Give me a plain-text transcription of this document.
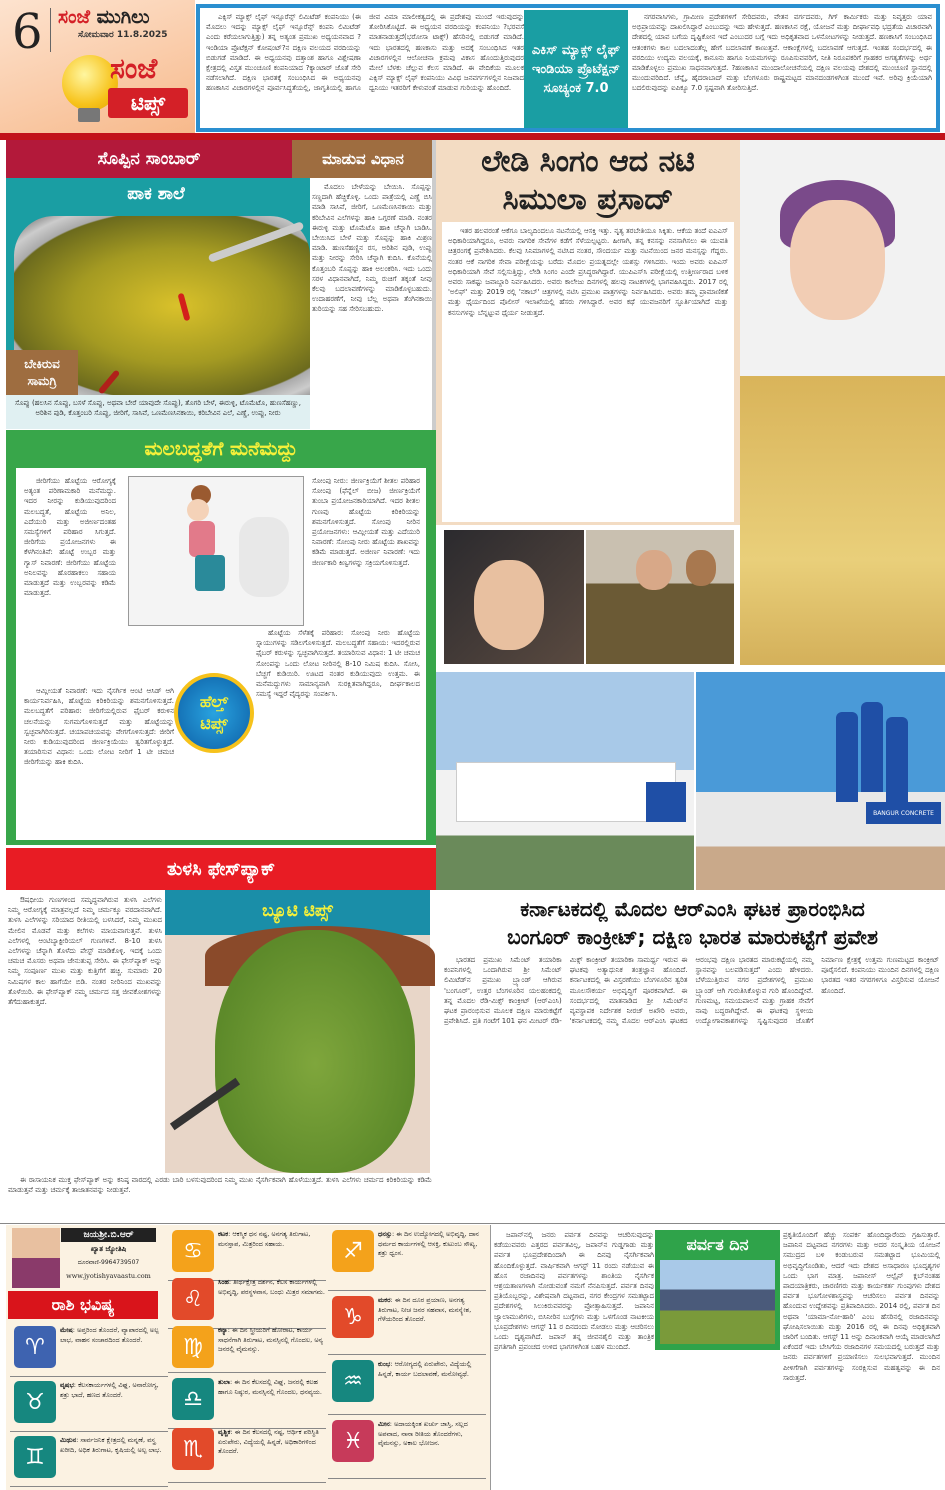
6 ಸಂಜೆ ಮುಗಿಲು
ಸೋಮವಾರ 11.8.2025
ಸಂಜೆ
ಟಿಪ್ಸ್
ಎಕ್ಸಿಸ್ ಮ್ಯಾಕ್ಸ್ ಲೈಫ್ ಇನ್ಸೂರೆನ್ಸ್ ಲಿಮಿಟೆಡ್ ಕಂಪನಿಯು (ಈ ಮೊದಲು ಇದನ್ನು ಮ್ಯಾಕ್ಸ್ ಲೈಫ್ ಇನ್ಸೂರೆನ್ಸ್ ಕಂಪನಿ ಲಿಮಿಟೆಡ್ ಎಂದು ಕರೆಯಲಾಗುತ್ತಿತ್ತು) ತನ್ನ ಅತ್ಯಂತ ಪ್ರಮುಖ ಅಧ್ಯಯನವಾದ ?ಇಂಡಿಯಾ ಪ್ರೊಟೆಕ್ಷನ್ ಕೋಷಂಟ್?ನ ದಕ್ಷಿಣ ವಲಯದ ವರದಿಯನ್ನು ಬಿಡುಗಡೆ ಮಾಡಿದೆ. ಈ ಅಧ್ಯಯನವು ದತ್ತಾಂಶ ಹಾಗೂ ವಿಶ್ಲೇಷಣಾ ಕ್ಷೇತ್ರದಲ್ಲಿ ವಿಸ್ತೃತ ಮುಂಚೂಣಿ ಕಂಪನಿಯಾದ ?ಕ್ಯಾಂಟಾರ್ ಜೊತೆ ಸೇರಿ ನಡೆಸಲಾಗಿದೆ. ದಕ್ಷಿಣ ಭಾರತಕ್ಕೆ ಸಂಬಂಧಿಸಿದ ಈ ಅಧ್ಯಯನವು ಹಣಕಾಸಿನ ವಿಚಾರಗಳಲ್ಲಿನ ಪೂರ್ವಸಿದ್ಧತೆಯಲ್ಲಿ, ಜಾಗೃತಿಯಲ್ಲಿ ಹಾಗೂ ಜೀವ ವಿಮಾ ಮಾಲೀಕತ್ವದಲ್ಲಿ ಈ ಪ್ರದೇಶವು ಮುಂದೆ ಇರುವುದನ್ನು ತೋರಿಸಿಕೊಟ್ಟಿದೆ. ಈ ಅಧ್ಯಯನ ವರದಿಯನ್ನು ಕಂಪನಿಯು ?ಭರವಸೆ ಮಾತನಾಡುತ್ತದೆ(ಭರೋಸಾ ಟಾಕ್ಸ್) ಹೆಸರಿನಲ್ಲಿ ಬಿಡುಗಡೆ ಮಾಡಿದೆ. ಇದು ಭಾರತದಲ್ಲಿ ಹಣಕಾಸು ಮತ್ತು ಅದಕ್ಕೆ ಸಂಬಂಧಿಸಿದ ಇತರ ವಿಚಾರಗಳಲ್ಲಿನ ಆಲೋಚನಾ ಕ್ರಮವು ವಿಕಾಸ ಹೊಂದುತ್ತಿರುವುದರ ಮೇಲೆ ಬೆಳಕು ಚೆಲ್ಲುವ ಕೆಲಸ ಮಾಡಿದೆ. ಈ ವೇದಿಕೆಯ ಮೂಲಕ ಎಕ್ಸಿಸ್ ಮ್ಯಾಕ್ಸ್ ಲೈಫ್ ಕಂಪನಿಯು ವಿವಿಧ ಜನವರ್ಗಗಳಲ್ಲಿನ ನಿಜವಾದ ಧ್ವನಿಯು ಇತರರಿಗೆ ಕೇಳುವಂತೆ ಮಾಡುವ ಗುರಿಯನ್ನು ಹೊಂದಿದೆ.
ಎಕಿಸ್ ಮ್ಯಾಕ್ಸ್ ಲೈಫ್ ಇಂಡಿಯಾ ಪ್ರೊಟೆಕ್ಷನ್ ಸೂಚ್ಯಂಕ 7.0
ನಗರವಾಸಿಗಳು, ಗ್ರಾಮೀಣ ಪ್ರದೇಶಗಳಿಗೆ ಸೇರಿದವರು, ವೇತನ ವರ್ಗದವರು, ಗಿಗ್ ಕಾರ್ಮಿಕರು ಮತ್ತು ನಿವೃತ್ತರು ಯಾವ ಅಭಿಪ್ರಾಯವನ್ನು ದಾಖಲಿಸಿದ್ದಾರೆ ಎಂಬುದನ್ನು ಇದು ಹೇಳುತ್ತದೆ. ಹಣಕಾಸಿನ ರಕ್ಷೆ, ಯೋಜನೆ ಮತ್ತು ದೀರ್ಘಾವಧಿ ಭದ್ರತೆಯ ವಿಚಾರವಾಗಿ ದೇಶದಲ್ಲಿ ಯಾವ ಬಗೆಯ ದೃಷ್ಟಿಕೋನ ಇದೆ ಎಂಬುದರ ಬಗ್ಗೆ ಇದು ಅಧಿಕೃತವಾದ ಒಳನೋಟಗಳನ್ನು ನೀಡುತ್ತದೆ. ಹಣಕಾಸಿಗೆ ಸಂಬಂಧಿಸಿದ ಆತಂಕಗಳು ಕಾಲ ಬದಲಾದಂತೆಲ್ಲ ಹೇಗೆ ಬದಲಾವಣೆ ಕಾಣುತ್ತವೆ. ಆಕಾಂಕ್ಷೆಗಳಲ್ಲಿ ಬದಲಾವಣೆ ಆಗುತ್ತದೆ. ಇಂತಹ ಸಂದರ್ಭದಲ್ಲಿ ಈ ವರದಿಯು ಉದ್ಯಮ ವಲಯಕ್ಕೆ, ಕಾನೂನು ಹಾಗೂ ನಿಯಮಗಳನ್ನು ರೂಪಿಸುವವರಿಗೆ, ನೀತಿ ನಿರೂಪಕರಿಗೆ ಗ್ರಾಹಕರ ಅಗತ್ಯತೆಗಳನ್ನು ಅರ್ಥ ಮಾಡಿಕೊಳ್ಳಲು ಪ್ರಮುಖ ಸಾಧನವಾಗುತ್ತದೆ. ?ಹಣಕಾಸಿನ ಮುಂದಾಲೋಚನೆಯಲ್ಲಿ ದಕ್ಷಿಣ ವಲಯವು ದೇಶದಲ್ಲಿ ಮುಂಚೂಣಿ ಸ್ಥಾನದಲ್ಲಿ ಮುಂದುವರಿದಿದೆ. ಚೆನ್ನೈ, ಹೈದರಾಬಾದ್ ಮತ್ತು ಬೆಂಗಳೂರು ರಾಷ್ಟ್ರಮಟ್ಟದ ಮಾನದಂಡಗಳಿಗಿಂತ ಮುಂದೆ ಇವೆ. ಅರಿವು ಕ್ರಿಯೆಯಾಗಿ ಬದಲಿರುವುದನ್ನು ಐಪಿಕ್ಯೂ 7.0 ಸ್ಪಷ್ಟವಾಗಿ ತೋರಿಸುತ್ತಿದೆ.
ಸೊಪ್ಪಿನ ಸಾಂಬಾರ್	ಮಾಡುವ ವಿಧಾನ
ಪಾಕ ಶಾಲೆ
ಬೇಕಿರುವ
ಸಾಮಗ್ರಿ
ಸೊಪ್ಪು (ಹಲಸಿನ ಸೊಪ್ಪು, ಬಸಳೆ ಸೊಪ್ಪು, ಅಥವಾ ಬೇರೆ ಯಾವುದೇ ಸೊಪ್ಪು), ತೊಗರಿ ಬೇಳೆ, ಈರುಳ್ಳಿ, ಟೊಮೆಟೊ, ಹುಣಸೆಹಣ್ಣು, ಅರಿಶಿನ ಪುಡಿ, ಕೊತ್ತಂಬರಿ ಸೊಪ್ಪು, ಜೀರಿಗೆ, ಸಾಸಿವೆ, ಒಣಮೆಣಸಿನಕಾಯಿ, ಕರಿಬೇವಿನ ಎಲೆ, ಎಣ್ಣೆ, ಉಪ್ಪು, ನೀರು
ಮೊದಲು ಬೇಳೆಯನ್ನು ಬೇಯಿಸಿ. ಸೊಪ್ಪನ್ನು ಸಣ್ಣದಾಗಿ ಹೆಚ್ಚಿಕೊಳ್ಳಿ. ಒಂದು ಪಾತ್ರೆಯಲ್ಲಿ ಎಣ್ಣೆ ಬಿಸಿ ಮಾಡಿ ಸಾಸಿವೆ, ಜೀರಿಗೆ, ಒಣಮೆಣಸಿನಕಾಯಿ ಮತ್ತು ಕರಿಬೇವಿನ ಎಲೆಗಳನ್ನು ಹಾಕಿ ಒಗ್ಗರಣೆ ಮಾಡಿ. ನಂತರ ಈರುಳ್ಳಿ ಮತ್ತು ಟೊಮೆಟೊ ಹಾಕಿ ಚೆನ್ನಾಗಿ ಬಾಡಿಸಿ. ಬೇಯಿಸಿದ ಬೇಳೆ ಮತ್ತು ಸೊಪ್ಪನ್ನು ಹಾಕಿ ಮಿಶ್ರಣ ಮಾಡಿ. ಹುಣಸೆಹಣ್ಣಿನ ರಸ, ಅರಿಶಿನ ಪುಡಿ, ಉಪ್ಪು ಮತ್ತು ನೀರನ್ನು ಸೇರಿಸಿ ಚೆನ್ನಾಗಿ ಕುದಿಸಿ. ಕೊನೆಯಲ್ಲಿ ಕೊತ್ತಂಬರಿ ಸೊಪ್ಪನ್ನು ಹಾಕಿ ಅಲಂಕರಿಸಿ. ಇದು ಒಂದು ಸರಳ ವಿಧಾನವಾಗಿದೆ, ನಿಮ್ಮ ರುಚಿಗೆ ತಕ್ಕಂತೆ ನೀವು ಕೆಲವು ಬದಲಾವಣೆಗಳನ್ನು ಮಾಡಿಕೊಳ್ಳಬಹುದು. ಉದಾಹರಣೆಗೆ, ನೀವು ಬೆಲ್ಲ ಅಥವಾ ತೆಂಗಿನಕಾಯಿ ತುರಿಯನ್ನು ಸಹ ಸೇರಿಸಬಹುದು.
ಮಲಬದ್ಧತೆಗೆ ಮನೆಮದ್ದು
ಜೀರಿಗೆಯು ಹೊಟ್ಟೆಯ ಆರೋಗ್ಯಕ್ಕೆ ಅತ್ಯಂತ ಪರಿಣಾಮಕಾರಿ ಮನೆಮದ್ದು. ಇದರ ನೀರನ್ನು ಕುಡಿಯುವುದರಿಂದ ಮಲಬದ್ಧತೆ, ಹೊಟ್ಟೆಯ ಅನಿಲ, ಎದೆಯುರಿ ಮತ್ತು ಅಜೀರ್ಣದಂತಹ ಸಮಸ್ಯೆಗಳಿಗೆ ಪರಿಹಾರ ಸಿಗುತ್ತದೆ. ಜೀರಿಗೆಯ ಪ್ರಯೋಜನಗಳು ಈ ಕೆಳಗಿನಂತಿವೆ: ಹೊಟ್ಟೆ ಉಬ್ಬರ ಮತ್ತು ಗ್ಯಾಸ್ ನಿವಾರಣೆ: ಜೀರಿಗೆಯು ಹೊಟ್ಟೆಯ ಅನಿಲವನ್ನು ಹೊರಹಾಕಲು ಸಹಾಯ ಮಾಡುತ್ತದೆ ಮತ್ತು ಉಬ್ಬರವನ್ನು ಕಡಿಮೆ ಮಾಡುತ್ತದೆ.
ಸೋಂಪು ನೀರು: ಜೀರ್ಣಕ್ರಿಯೆಗೆ ಶೀತಲ ಪರಿಹಾರ ಸೋಂಪು (ಫೆನ್ನೆಲ್ ಬೀಜ) ಜೀರ್ಣಕ್ರಿಯೆಗೆ ತುಂಬಾ ಪ್ರಯೋಜನಕಾರಿಯಾಗಿದೆ. ಇದರ ಶೀತಲ ಗುಣವು ಹೊಟ್ಟೆಯ ಕಿರಿಕಿರಿಯನ್ನು ಶಮನಗೊಳಿಸುತ್ತದೆ. ಸೋಂಪು ನೀರಿನ ಪ್ರಯೋಜನಗಳು: ಆಮ್ಲೀಯತೆ ಮತ್ತು ಎದೆಯುರಿ ನಿವಾರಣೆ: ಸೋಂಪು ನೀರು ಹೊಟ್ಟೆಯ ಶಾಖವನ್ನು ಕಡಿಮೆ ಮಾಡುತ್ತದೆ. ಅಜೀರ್ಣ ನಿವಾರಣೆ: ಇದು ಜೀರ್ಣಕಾರಿ ಕಿಣ್ವಗಳನ್ನು ಸಕ್ರಿಯಗೊಳಿಸುತ್ತದೆ.
ಆಮ್ಲೀಯತೆ ನಿವಾರಣೆ: ಇದು ನೈಸರ್ಗಿಕ ಆಂಟಿ ಆಸಿಡ್ ಆಗಿ ಕಾರ್ಯನಿರ್ವಹಿಸಿ, ಹೊಟ್ಟೆಯ ಕಿರಿಕಿರಿಯನ್ನು ಶಮನಗೊಳಿಸುತ್ತದೆ. ಮಲಬದ್ಧತೆಗೆ ಪರಿಹಾರ: ಜೀರಿಗೆಯಲ್ಲಿರುವ ಫೈಬರ್ ಕರುಳಿನ ಚಲನೆಯನ್ನು ಸುಗಮಗೊಳಿಸುತ್ತದೆ ಮತ್ತು ಹೊಟ್ಟೆಯನ್ನು ಸ್ವಚ್ಛವಾಗಿರಿಸುತ್ತದೆ. ಚಯಾಪಚಯವನ್ನು ವೇಗಗೊಳಿಸುತ್ತದೆ: ಜೀರಿಗೆ ನೀರು ಕುಡಿಯುವುದರಿಂದ ಜೀರ್ಣಕ್ರಿಯೆಯು ತ್ವರಿತಗೊಳ್ಳುತ್ತದೆ. ತಯಾರಿಸುವ ವಿಧಾನ: ಒಂದು ಲೋಟ ನೀರಿಗೆ 1 ಟೀ ಚಮಚ ಜೀರಿಗೆಯನ್ನು ಹಾಕಿ ಕುದಿಸಿ.
ಹೊಟ್ಟೆಯ ಸೆಳೆತಕ್ಕೆ ಪರಿಹಾರ: ಸೋಂಪು ನೀರು ಹೊಟ್ಟೆಯ ಸ್ನಾಯುಗಳನ್ನು ಸಡಿಲಗೊಳಿಸುತ್ತದೆ. ಮಲಬದ್ಧತೆಗೆ ಸಹಾಯ: ಇದರಲ್ಲಿರುವ ಫೈಬರ್ ಕರುಳನ್ನು ಸ್ವಚ್ಛವಾಗಿಸುತ್ತದೆ. ತಯಾರಿಸುವ ವಿಧಾನ: 1 ಟೀ ಚಮಚ ಸೋಂಪನ್ನು ಒಂದು ಲೋಟ ನೀರಿನಲ್ಲಿ 8-10 ನಿಮಿಷ ಕುದಿಸಿ. ಸೋಸಿ, ಬೆಚ್ಚಗೆ ಕುಡಿಯಿರಿ. ಊಟದ ನಂತರ ಕುಡಿಯುವುದು ಉತ್ತಮ. ಈ ಮನೆಮದ್ದುಗಳು ಸಾಮಾನ್ಯವಾಗಿ ಸುರಕ್ಷಿತವಾಗಿದ್ದರೂ, ದೀರ್ಘಕಾಲದ ಸಮಸ್ಯೆ ಇದ್ದರೆ ವೈದ್ಯರನ್ನು ಸಂಪರ್ಕಿಸಿ.
ಹೆಲ್ತ್
ಟಿಪ್ಸ್
ತುಳಸಿ ಫೇಸ್‌ಪ್ಯಾಕ್
ಔಷಧೀಯ ಗುಣಗಳಿಂದ ಸಮೃದ್ಧವಾಗಿರುವ ತುಳಸಿ ಎಲೆಗಳು ನಿಮ್ಮ ಆರೋಗ್ಯಕ್ಕೆ ಮಾತ್ರವಲ್ಲದೆ ನಿಮ್ಮ ಚರ್ಮಕ್ಕೂ ವರದಾನವಾಗಿದೆ. ತುಳಸಿ ಎಲೆಗಳನ್ನು ಸರಿಯಾದ ರೀತಿಯಲ್ಲಿ ಬಳಸಿದರೆ, ನಿಮ್ಮ ಮುಖದ ಮೇಲಿನ ಮೊಡವೆ ಮತ್ತು ಕಲೆಗಳು ಮಾಯವಾಗುತ್ತವೆ. ತುಳಸಿ ಎಲೆಗಳಲ್ಲಿ ಆಂಟಿಬ್ಯಾಕ್ಟೀರಿಯಲ್ ಗುಣಗಳಿವೆ. 8-10 ತುಳಸಿ ಎಲೆಗಳನ್ನು ಚೆನ್ನಾಗಿ ತೊಳೆದು ಪೇಸ್ಟ್ ಮಾಡಿಕೊಳ್ಳಿ. ಇದಕ್ಕೆ ಒಂದು ಚಮಚ ಮೊಸರು ಅಥವಾ ಜೇನುತುಪ್ಪ ಸೇರಿಸಿ. ಈ ಫೇಸ್‌ಪ್ಯಾಕ್ ಅನ್ನು ನಿಮ್ಮ ಸಂಪೂರ್ಣ ಮುಖ ಮತ್ತು ಕುತ್ತಿಗೆಗೆ ಹಚ್ಚಿ. ಸುಮಾರು 20 ನಿಮಿಷಗಳ ಕಾಲ ಹಾಗೆಯೇ ಬಿಡಿ. ನಂತರ ನೀರಿನಿಂದ ಮುಖವನ್ನು ತೊಳೆಯಿರಿ. ಈ ಫೇಸ್‌ಪ್ಯಾಕ್ ನಮ್ಮ ಚರ್ಮದ ಸತ್ತ ಜೀವಕೋಶಗಳನ್ನು ತೆಗೆದುಹಾಕುತ್ತದೆ.
ಬ್ಯೂಟಿ ಟಿಪ್ಸ್
ಈ ರಾಸಾಯನಿಕ ಮುಕ್ತ ಫೇಸ್‌ಪ್ಯಾಕ್ ಅನ್ನು ಕನಿಷ್ಠ ವಾರದಲ್ಲಿ ಎರಡು ಬಾರಿ ಬಳಸುವುದರಿಂದ ನಿಮ್ಮ ಮುಖ ನೈಸರ್ಗಿಕವಾಗಿ ಹೊಳೆಯುತ್ತದೆ. ತುಳಸಿ ಎಲೆಗಳು ಚರ್ಮದ ಕಿರಿಕಿರಿಯನ್ನು ಕಡಿಮೆ ಮಾಡುತ್ತವೆ ಮತ್ತು ಚರ್ಮಕ್ಕೆ ತಾಜಾತನವನ್ನು ನೀಡುತ್ತವೆ.
ಲೇಡಿ ಸಿಂಗಂ ಆದ ನಟಿ
ಸಿಮುಲಾ ಪ್ರಸಾದ್
ಇತರ ಹಲವರಂತೆ ಆಕೆಗೂ ಬಾಲ್ಯದಿಂದಲೂ ನಟನೆಯಲ್ಲಿ ಆಸಕ್ತಿ ಇತ್ತು. ನೃತ್ಯ ತರಬೇತಿಯೂ ಸಿಕ್ಕಿತು. ಆಕೆಯ ತಂದೆ ಐಎಎಸ್ ಅಧಿಕಾರಿಯಾಗಿದ್ದರೂ, ಅವರು ನಾಗರಿಕ ಸೇವೆಗಳ ಕಡೆಗೆ ಸೆಳೆಯಲ್ಪಟ್ಟರು. ಹೀಗಾಗಿ, ತನ್ನ ಕನಸನ್ನು ನನಸಾಗಿಸಲು ಈ ಯುವತಿ ಚಿತ್ರರಂಗಕ್ಕೆ ಪ್ರವೇಶಿಸಿದರು. ಕೆಲವು ಸಿನಿಮಾಗಳಲ್ಲಿ ನಟಿಸಿದ ನಂತರ, ಸೌಂದರ್ಯ ಮತ್ತು ನಟನೆಯಿಂದ ಜನರ ಮನಸ್ಸನ್ನು ಗೆದ್ದರು. ನಂತರ ಆಕೆ ನಾಗರಿಕ ಸೇವಾ ಪರೀಕ್ಷೆಯನ್ನು ಬರೆದು ಮೊದಲ ಪ್ರಯತ್ನದಲ್ಲೇ ಯಶಸ್ಸು ಗಳಿಸಿದರು. ಇಂದು ಅವರು ಐಪಿಎಸ್ ಅಧಿಕಾರಿಯಾಗಿ ಸೇವೆ ಸಲ್ಲಿಸುತ್ತಿದ್ದು, ಲೇಡಿ ಸಿಂಗಂ ಎಂದೇ ಪ್ರಸಿದ್ಧರಾಗಿದ್ದಾರೆ. ಯುಪಿಎಸ್‌ಸಿ ಪರೀಕ್ಷೆಯಲ್ಲಿ ಉತ್ತೀರ್ಣರಾದ ಬಳಿಕ ಅವರು ಸಾಕಷ್ಟು ಜವಾಬ್ದಾರಿ ನಿರ್ವಹಿಸಿದರು. ಅವರು ಕಾಲೇಜು ದಿನಗಳಲ್ಲಿ ಹಲವು ನಾಟಕಗಳಲ್ಲಿ ಭಾಗವಹಿಸಿದ್ದರು. 2017 ರಲ್ಲಿ 'ಅಲಿಫ್' ಮತ್ತು 2019 ರಲ್ಲಿ 'ನಕಾಬ್' ಚಿತ್ರಗಳಲ್ಲಿ ನಟಿಸಿ ಪ್ರಮುಖ ಪಾತ್ರಗಳನ್ನು ನಿರ್ವಹಿಸಿದರು. ಅವರು ತಮ್ಮ ಪ್ರಾಮಾಣಿಕತೆ ಮತ್ತು ಧೈರ್ಯದಿಂದ ಪೊಲೀಸ್ ಇಲಾಖೆಯಲ್ಲಿ ಹೆಸರು ಗಳಿಸಿದ್ದಾರೆ. ಅವರ ಕಥೆ ಯುವಜನರಿಗೆ ಸ್ಫೂರ್ತಿಯಾಗಿದೆ ಮತ್ತು ಕನಸುಗಳನ್ನು ಬೆನ್ನಟ್ಟುವ ಧೈರ್ಯ ನೀಡುತ್ತದೆ.
BANGUR CONCRETE
ಕರ್ನಾಟಕದಲ್ಲಿ ಮೊದಲ ಆರ್‌ಎಂಸಿ ಘಟಕ ಪ್ರಾರಂಭಿಸಿದ
ಬಂಗೂರ್ ಕಾಂಕ್ರೀಟ್; ದಕ್ಷಿಣ ಭಾರತ ಮಾರುಕಟ್ಟೆಗೆ ಪ್ರವೇಶ
ಭಾರತದ ಪ್ರಮುಖ ಸಿಮೆಂಟ್ ತಯಾರಿಕಾ ಕಂಪನಿಗಳಲ್ಲಿ ಒಂದಾಗಿರುವ ಶ್ರೀ ಸಿಮೆಂಟ್ ಲಿಮಿಟೆಡ್‌ನ ಪ್ರಮುಖ ಬ್ರ್ಯಾಂಡ್ ಆಗಿರುವ 'ಬಂಗೂರ್', ಉತ್ತರ ಬೆಂಗಳೂರಿನ ಯಲಹಂಕದಲ್ಲಿ ತನ್ನ ಮೊದಲ ರೆಡಿ-ಮಿಕ್ಸ್ ಕಾಂಕ್ರೀಟ್ (ಆರ್‌ಎಂಸಿ) ಘಟಕ ಪ್ರಾರಂಭಿಸುವ ಮೂಲಕ ದಕ್ಷಿಣ ಮಾರುಕಟ್ಟೆಗೆ ಪ್ರವೇಶಿಸಿದೆ. ಪ್ರತಿ ಗಂಟೆಗೆ 101 ಘನ ಮೀಟರ್ ರೆಡಿ-ಮಿಕ್ಸ್ ಕಾಂಕ್ರೀಟ್ ತಯಾರಿಕಾ ಸಾಮರ್ಥ್ಯ ಇರುವ ಈ ಘಟಕವು ಅತ್ಯಾಧುನಿಕ ತಂತ್ರಜ್ಞಾನ ಹೊಂದಿದೆ. ಕರ್ನಾಟಕದಲ್ಲಿ ಈ ವಿಸ್ತರಣೆಯು ಬೆಂಗಳೂರಿನ ತ್ವರಿತ ಮೂಲಸೌಕರ್ಯ ಅಭಿವೃದ್ಧಿಗೆ ಪೂರಕವಾಗಿದೆ. ಈ ಸಂದರ್ಭದಲ್ಲಿ ಮಾತನಾಡಿದ ಶ್ರೀ ಸಿಮೆಂಟ್‌ನ ವ್ಯವಸ್ಥಾಪಕ ನಿರ್ದೇಶಕ ನೀರಜ್ ಅಖೌರಿ ಅವರು, 'ಕರ್ನಾಟಕದಲ್ಲಿ ನಮ್ಮ ಮೊದಲ ಆರ್‌ಎಂಸಿ ಘಟಕದ ಆರಂಭವು ದಕ್ಷಿಣ ಭಾರತದ ಮಾರುಕಟ್ಟೆಯಲ್ಲಿ ನಮ್ಮ ಸ್ಥಾನವನ್ನು ಬಲಪಡಿಸುತ್ತದೆ' ಎಂದು ಹೇಳಿದರು. ಬೆಳೆಯುತ್ತಿರುವ ನಗರ ಪ್ರದೇಶಗಳಲ್ಲಿ ಪ್ರಮುಖ ಬ್ರ್ಯಾಂಡ್ ಆಗಿ ಗುರುತಿಸಿಕೊಳ್ಳುವ ಗುರಿ ಹೊಂದಿದ್ದೇವೆ. ಗುಣಮಟ್ಟ, ಸಮಯಪಾಲನೆ ಮತ್ತು ಗ್ರಾಹಕ ಸೇವೆಗೆ ನಾವು ಬದ್ಧರಾಗಿದ್ದೇವೆ. ಈ ಘಟಕವು ಸ್ಥಳೀಯ ಉದ್ಯೋಗಾವಕಾಶಗಳನ್ನು ಸೃಷ್ಟಿಸುವುದರ ಜೊತೆಗೆ ನಿರ್ಮಾಣ ಕ್ಷೇತ್ರಕ್ಕೆ ಉತ್ತಮ ಗುಣಮಟ್ಟದ ಕಾಂಕ್ರೀಟ್ ಪೂರೈಸಲಿದೆ. ಕಂಪನಿಯು ಮುಂದಿನ ದಿನಗಳಲ್ಲಿ ದಕ್ಷಿಣ ಭಾರತದ ಇತರ ನಗರಗಳಿಗೂ ವಿಸ್ತರಿಸುವ ಯೋಜನೆ ಹೊಂದಿದೆ.
ಜಯಶ್ರೀ.ಬಿ.ಆರ್
ಖ್ಯಾತ ಜ್ಯೋತಿಷಿ
ದೂರವಾಣಿ-9964739507
www.jyotishyavaastu.com
ರಾಶಿ ಭವಿಷ್ಯ
♈
ಮೇಷ: ಅಪ್ತರಿಂದ ತೊಂದರೆ, ವ್ಯಾಪಾರದಲ್ಲಿ ಅಲ್ಪ ಲಾಭ, ವಾಹನ ಸಂಚಾರದಿಂದ ತೊಂದರೆ.
♉
ವೃಷಭ: ಕೆಲಸಕಾರ್ಯಗಳಲ್ಲಿ ವಿಘ್ನ, ಅನಾರೋಗ್ಯ, ಶತ್ರು ಭಾದೆ, ಹಣದ ತೊಂದರೆ.
♊
ಮಿಥುನ: ಸಾರ್ವಜನಿಕ ಕ್ಷೇತ್ರದಲ್ಲಿ ಮನ್ನಣೆ, ವಸ್ತ್ರ ಖರೀದಿ, ಅಧಿಕ ತಿರುಗಾಟ, ಕೃಷಿಯಲ್ಲಿ ಅಲ್ಪ ಲಾಭ.
♋
ಕಟಕ: ಆಕಸ್ಮಿಕ ಧನ ನಷ್ಟ, ಅನಗತ್ಯ ತಿರುಗಾಟ, ಮನಸ್ತಾಪ, ಮಿತ್ರರಿಂದ ಸಹಾಯ.
♌
ಸಿಂಹ: ತೀರ್ಥಕ್ಷೇತ್ರ ದರ್ಶನ, ಕೆಲಸ ಕಾರ್ಯಗಳಲ್ಲಿ ಅಭಿವೃದ್ಧಿ, ಪರಸ್ಥಳವಾಸ, ಬಂಧು ಮಿತ್ರರ ಸಮಾಗಮ.
♍
ಕನ್ಯಾ: ಈ ದಿನ ಸ್ತ್ರೀಯರಿಗೆ ಹೋರಾಟ, ಕಾರ್ಯ ಸಾಧನೆಗಾಗಿ ತಿರುಗಾಟ, ಮನಸ್ಸಿನಲ್ಲಿ ಗೊಂದಲ, ಅನ್ಯ ಜನರಲ್ಲಿ ವೈಮನಸ್ಸು.
♎
ತುಲಾ: ಈ ದಿನ ಕೆಲಸದಲ್ಲಿ ವಿಘ್ನ, ಜನರಲ್ಲಿ ಕಲಹ ಹಾಗೂ ನಿಷ್ಠುರ, ಮನಸ್ಸಿನಲ್ಲಿ ಗೊಂದಲ, ಧನವ್ಯಯ.
♏
ವೃಶ್ಚಿಕ: ಈ ದಿನ ಕೆಲಸದಲ್ಲಿ ನಷ್ಟ, ಆರ್ಥಿಕ ಪರಿಸ್ಥಿತಿ ಏರುಪೇರು, ವಿದ್ಯೆಯಲ್ಲಿ ಹಿನ್ನಡೆ, ಅಧಿಕಾರಿಗಳಿಂದ ತೊಂದರೆ.
♐
ಧನಸ್ಸು: ಈ ದಿನ ಉದ್ಯೋಗದಲ್ಲಿ ಅಭಿವೃದ್ಧಿ, ದಾನ ಧರ್ಮದ ಕಾರ್ಯಗಳಲ್ಲಿ ಆಸಕ್ತಿ, ಕುಟುಂಬ ಸೌಖ್ಯ, ಶತ್ರು ಧ್ವಂಸ.
♑
ಮಕರ: ಈ ದಿನ ದೂರ ಪ್ರಯಾಣ, ಅನಗತ್ಯ ತಿರುಗಾಟ, ನೀಚ ಜನರ ಸಹವಾಸ, ಮನಸ್ಕ್ಲೇಶ, ಗೆಳೆಯರಿಂದ ತೊಂದರೆ.
♒
ಕುಂಭ: ಆರೋಗ್ಯದಲ್ಲಿ ಏರುಪೇರು, ವಿದ್ಯೆಯಲ್ಲಿ ಹಿನ್ನಡೆ, ಕಾರ್ಯ ಬದಲಾವಣೆ, ಮನೋವ್ಯಥೆ.
♓
ಮೀನ: ಅದಾಯಕ್ಕಿಂತ ಖರ್ಚು ಜಾಸ್ತಿ, ಸಲ್ಲದ ಅಪವಾದ, ನಾನಾ ರೀತಿಯ ತೊಂದರೆಗಳು, ವೈಮನಸ್ಸು, ಅಕಾಲ ಭೋಜನ.
ಜಪಾನ್‌ನಲ್ಲಿ ಜನರು ಪರ್ವತ ದಿನವನ್ನು ಆಚರಿಸುವುದನ್ನು ಕಡೆಯುವವರು ಎತ್ತರದ ಪರ್ವತವಿಲ್ಲ, ಜಪಾನ್‌ನ ಗುಡ್ಡಗಾಡು ಮತ್ತು ಪರ್ವತ ಭೂಪ್ರದೇಶದಿಂದಾಗಿ ಈ ದಿನವು ನೈಸರ್ಗಿಕವಾಗಿ ಹೊಂದಿಕೊಳ್ಳುತ್ತದೆ. ವಾರ್ಷಿಕವಾಗಿ ಆಗಸ್ಟ್ 11 ರಂದು ನಡೆಯುವ ಈ ಹೊಸ ರಜಾದಿನವು ಪರ್ವತಗಳನ್ನು ಶಾಂತಿಯ ನೈಸರ್ಗಿಕ ಆಶ್ರಯತಾಣಗಳಾಗಿ ನೋಡುವಂತೆ ನಮಗೆ ನೆನಪಿಸುತ್ತದೆ. ಪರ್ವತ ದಿನವು ಪ್ರತಿಯೊಬ್ಬರನ್ನು, ವಿಶೇಷವಾಗಿ ದಟ್ಟವಾದ, ನಗರ ಕೇಂದ್ರಗಳ ಸಮತಟ್ಟಾದ ಪ್ರದೇಶಗಳಲ್ಲಿ ಸಿಲುಕಿರುವವರನ್ನು ಪ್ರೋತ್ಸಾಹಿಸುತ್ತದೆ. ಜಪಾನಿನ ಜ್ವಾಲಾಮುಖಿಗಳು, ಬಿಸಿನೀರಿನ ಬುಗ್ಗೆಗಳು ಮತ್ತು ಒಳಗೊಂಡ ನಾಟಕೀಯ ಭೂಪ್ರದೇಶಗಳು ಆಗಸ್ಟ್ 11 ರ ದಿನದಂದು ನೋಡಲು ಮತ್ತು ಆಚರಿಸಲು ಒಂದು ದೃಶ್ಯವಾಗಿದೆ. ಜಪಾನ್ ತನ್ನ ಜೀವನಶೈಲಿ ಮತ್ತು ತಾಂತ್ರಿಕ ಪ್ರಗತಿಗಾಗಿ ಪ್ರಪಂಚದ ಉಳಿದ ಭಾಗಗಳಿಗಿಂತ ಬಹಳ ಮುಂದಿದೆ.
ಪರ್ವತ ದಿನ	ಪ್ರಕೃತಿಯೊಂದಿಗೆ ಹೆಚ್ಚು ಸಂಪರ್ಕ ಹೊಂದಿದ್ದಾರೆಂದು ಗ್ರಹಿಸುತ್ತಾರೆ. ಜಪಾನಿನ ದಟ್ಟವಾದ ನಗರಗಳು ಮತ್ತು ಅದರ ಸಂಸ್ಕೃತಿಯ ಯೋಜನೆ ಸಮುದ್ರದ ಬಳಿ ಕಂಡುಬರುವ ಸಮತಟ್ಟಾದ ಭೂಮಿಯಲ್ಲಿ ಅಭಿವೃದ್ಧಿಗೊಂಡಿತು, ಆದರೆ ಇದು ದೇಶದ ಅಸಾಧಾರಣ ಭೂದೃಶ್ಯಗಳ ಒಂದು ಭಾಗ ಮಾತ್ರ. ಜಪಾನೀಸ್ ಆಲ್ಪೈನ್ ಕ್ಲಬ್‌ನಂತಹ ಪಾದಯಾತ್ರಿಕರು, ಚಾರಣಿಗರು ಮತ್ತು ಕಾರ್ಯಕರ್ತ ಗುಂಪುಗಳು ದೇಶದ ಪರ್ವತ ಭೂಗೋಳಶಾಸ್ತ್ರವನ್ನು ಆಚರಿಸಲು ಪರ್ವತ ದಿನವನ್ನು ಹೊಂದುವ ಉದ್ದೇಶವನ್ನು ಪ್ರತಿಪಾದಿಸಿದರು. 2014 ರಲ್ಲಿ, ಪರ್ವತ ದಿನ ಅಥವಾ 'ಯಾಮಾ-ನೋ-ಹಾರಿ' ಎಂಬ ಹೆಸರಿನಲ್ಲಿ ರಜಾದಿನವನ್ನು ಘೋಷಿಸಲಾಯಿತು ಮತ್ತು 2016 ರಲ್ಲಿ ಈ ದಿನವು ಅಧಿಕೃತವಾಗಿ ಜಾರಿಗೆ ಬಂದಿತು. ಆಗಸ್ಟ್ 11 ಅನ್ನು ದಿನಾಂಕವಾಗಿ ಆಯ್ಕೆ ಮಾಡಲಾಗಿದೆ ಏಕೆಂದರೆ ಇದು ಬೇಸಿಗೆಯ ರಜಾದಿನಗಳ ಸಮಯದಲ್ಲಿ ಬರುತ್ತದೆ ಮತ್ತು ಜನರು ಪರ್ವತಗಳಿಗೆ ಪ್ರಯಾಣಿಸಲು ಸುಲಭವಾಗುತ್ತದೆ. ಮುಂದಿನ ಪೀಳಿಗೆಗಾಗಿ ಪರ್ವತಗಳನ್ನು ಸಂರಕ್ಷಿಸುವ ಮಹತ್ವವನ್ನು ಈ ದಿನ ಸಾರುತ್ತದೆ.
